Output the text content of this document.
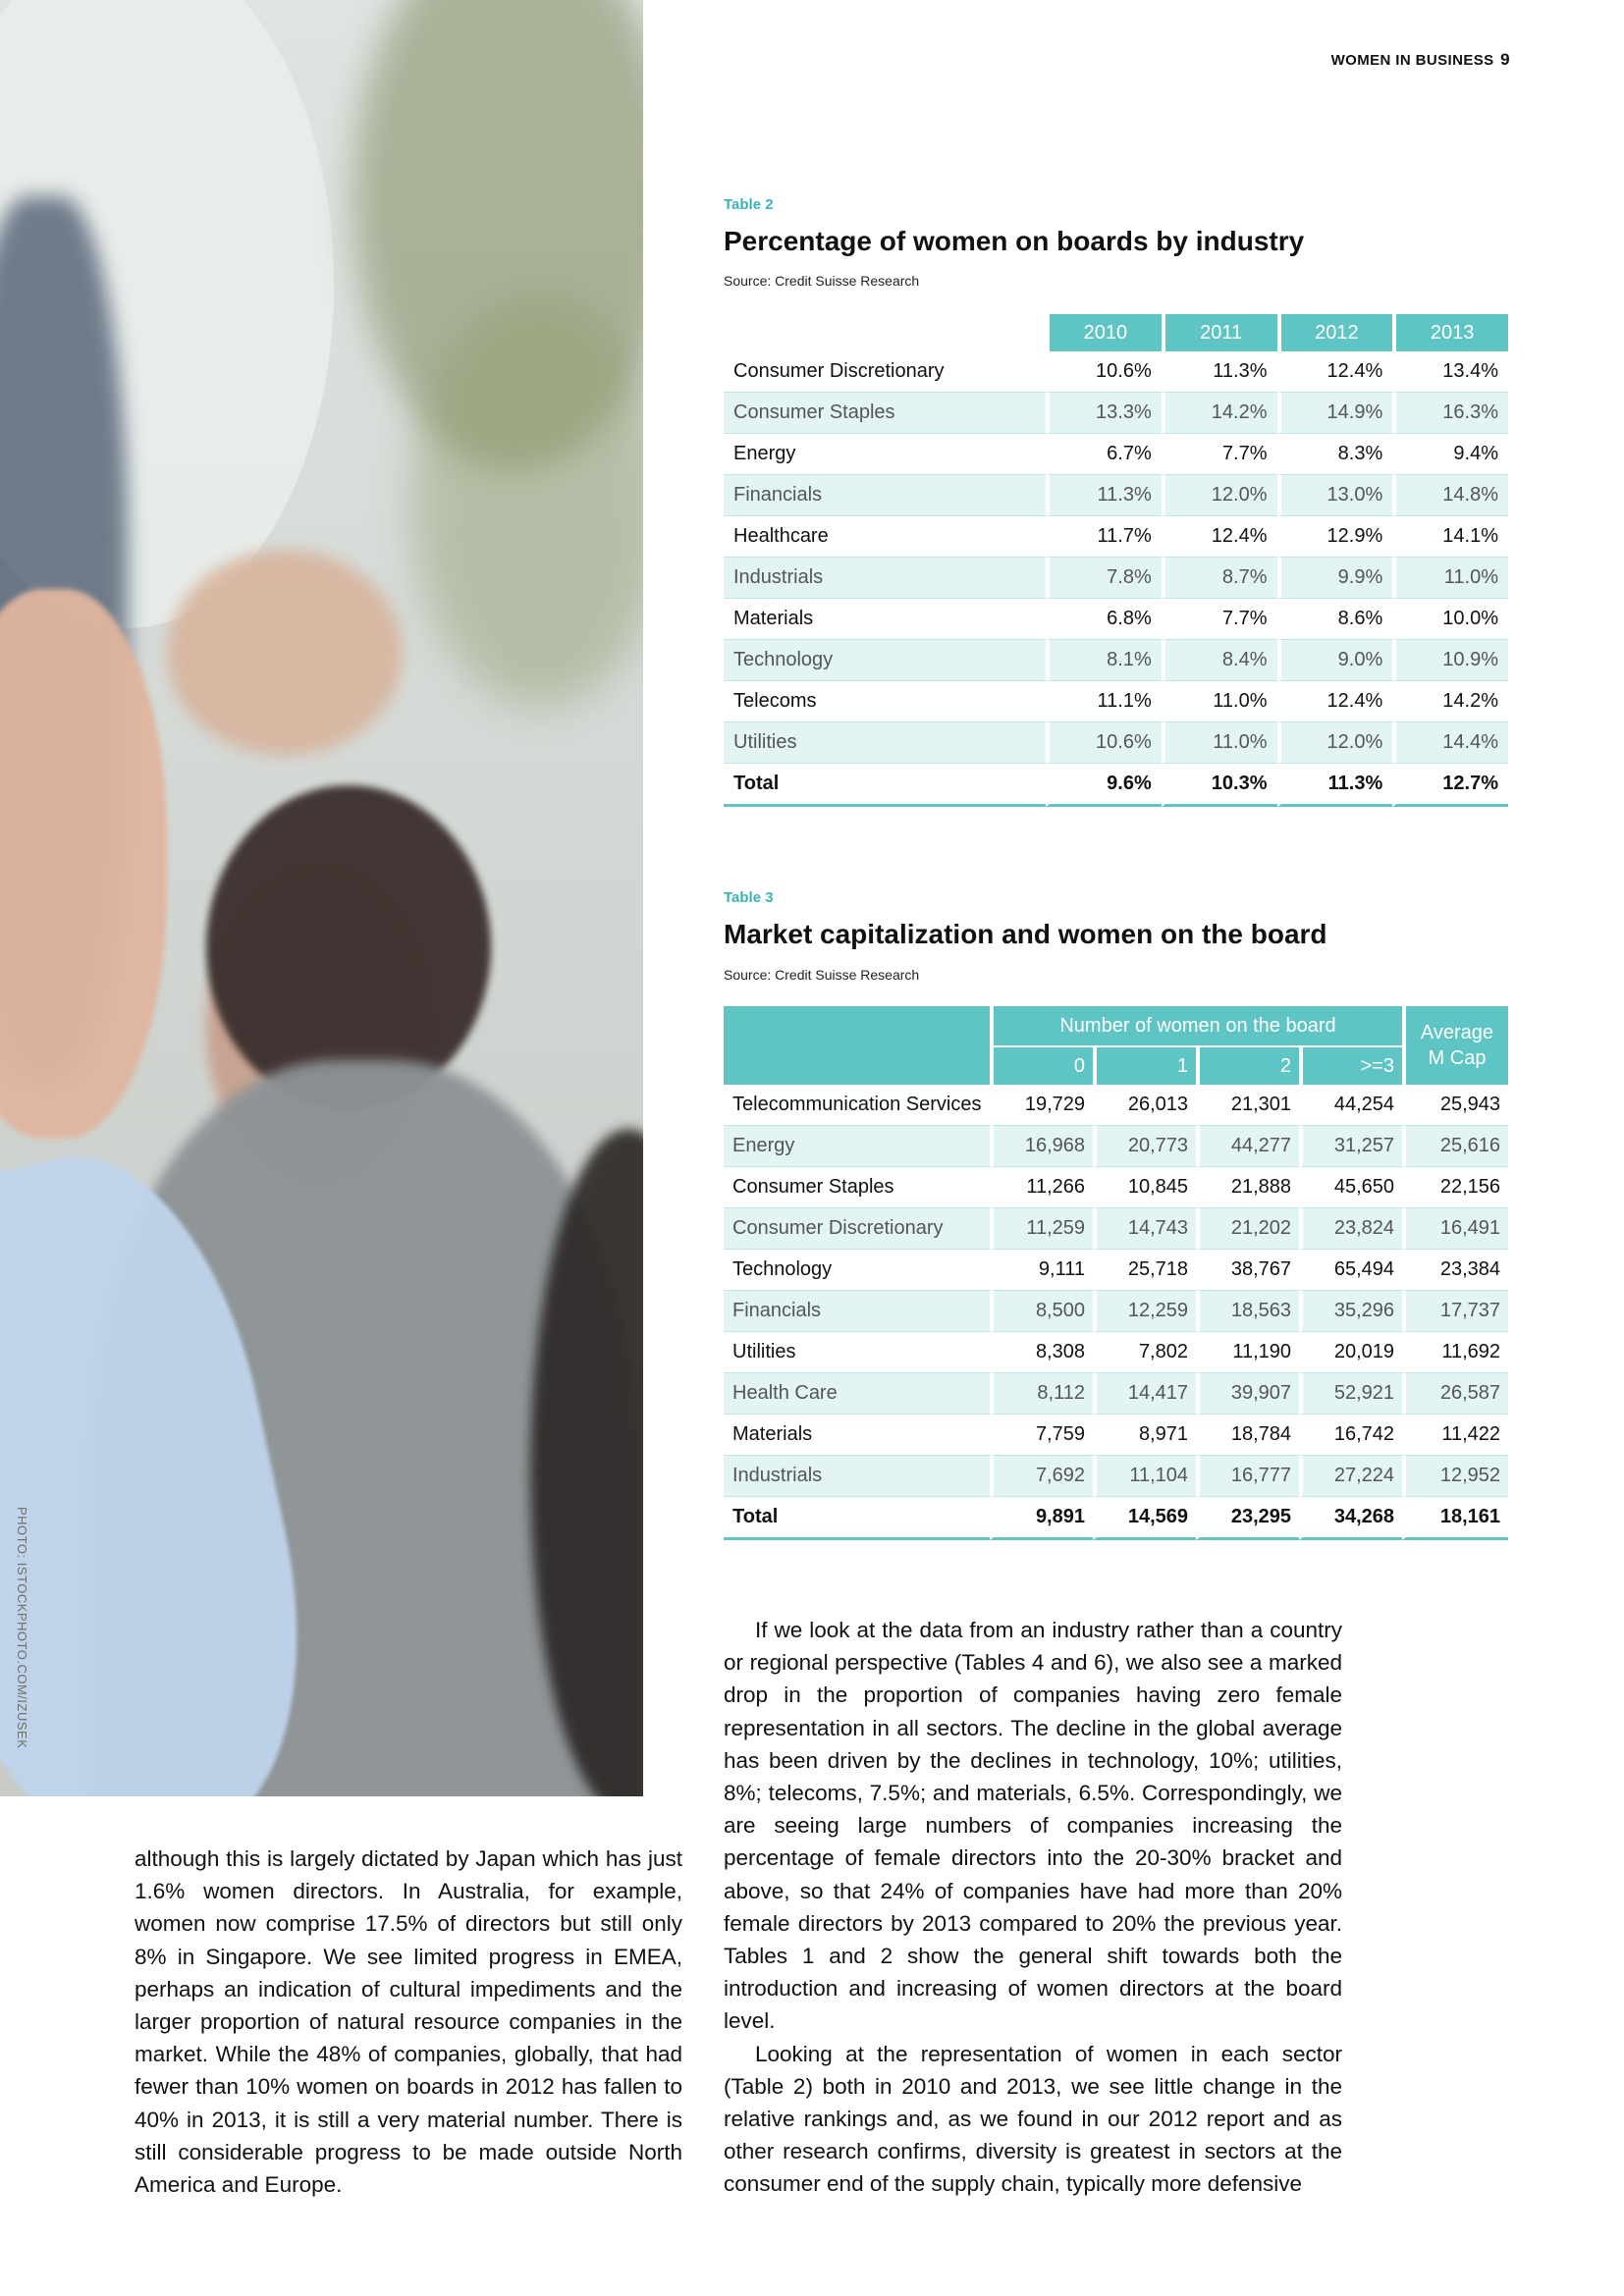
PHOTO: ISTOCKPHOTO.COM/IZUSEK
WOMEN IN BUSINESS 9
Table 2
Percentage of women on boards by industry
Source: Credit Suisse Research
	2010	2011	2012	2013
Consumer Discretionary	10.6%	11.3%	12.4%	13.4%
Consumer Staples	13.3%	14.2%	14.9%	16.3%
Energy	6.7%	7.7%	8.3%	9.4%
Financials	11.3%	12.0%	13.0%	14.8%
Healthcare	11.7%	12.4%	12.9%	14.1%
Industrials	7.8%	8.7%	9.9%	11.0%
Materials	6.8%	7.7%	8.6%	10.0%
Technology	8.1%	8.4%	9.0%	10.9%
Telecoms	11.1%	11.0%	12.4%	14.2%
Utilities	10.6%	11.0%	12.0%	14.4%
Total	9.6%	10.3%	11.3%	12.7%
Table 3
Market capitalization and women on the board
Source: Credit Suisse Research
	Number of women on the board				Average
M Cap
	0	1	2	>=3	
Telecommunication Services	19,729	26,013	21,301	44,254	25,943
Energy	16,968	20,773	44,277	31,257	25,616
Consumer Staples	11,266	10,845	21,888	45,650	22,156
Consumer Discretionary	11,259	14,743	21,202	23,824	16,491
Technology	9,111	25,718	38,767	65,494	23,384
Financials	8,500	12,259	18,563	35,296	17,737
Utilities	8,308	7,802	11,190	20,019	11,692
Health Care	8,112	14,417	39,907	52,921	26,587
Materials	7,759	8,971	18,784	16,742	11,422
Industrials	7,692	11,104	16,777	27,224	12,952
Total	9,891	14,569	23,295	34,268	18,161

although this is largely dictated by Japan which has just 1.6% women directors. In Australia, for example, women now comprise 17.5% of directors but still only 8% in Singapore. We see limited progress in EMEA, perhaps an indication of cultural impediments and the larger proportion of natural resource companies in the market. While the 48% of companies, globally, that had fewer than 10% women on boards in 2012 has fallen to 40% in 2013, it is still a very material number. There is still considerable progress to be made outside North America and Europe.

If we look at the data from an industry rather than a country or regional perspective (Tables 4 and 6), we also see a marked drop in the proportion of companies having zero female representation in all sectors. The decline in the global average has been driven by the declines in technology, 10%; utilities, 8%; telecoms, 7.5%; and materials, 6.5%. Correspondingly, we are seeing large numbers of companies increasing the percentage of female directors into the 20-30% bracket and above, so that 24% of companies have had more than 20% female directors by 2013 compared to 20% the previous year. Tables 1 and 2 show the general shift towards both the introduction and increasing of women directors at the board level.

Looking at the representation of women in each sector (Table 2) both in 2010 and 2013, we see little change in the relative rankings and, as we found in our 2012 report and as other research confirms, diversity is greatest in sectors at the consumer end of the supply chain, typically more defensive
